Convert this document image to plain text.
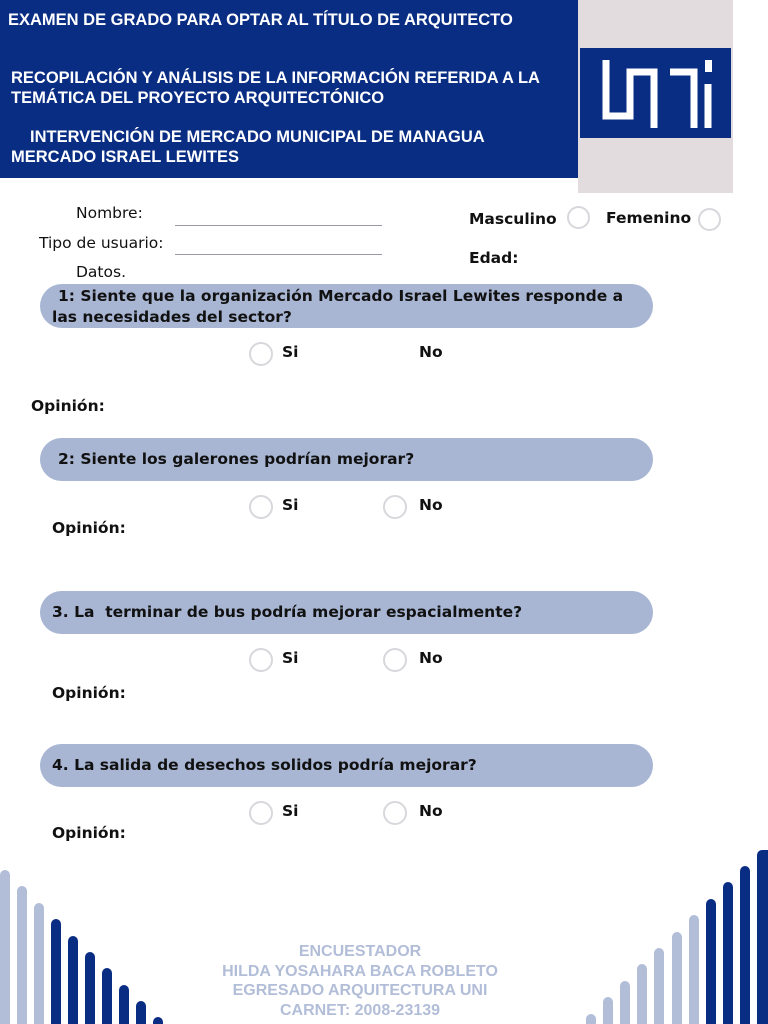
EXAMEN DE GRADO PARA OPTAR AL TÍTULO DE ARQUITECTO
RECOPILACIÓN Y ANÁLISIS DE LA INFORMACIÓN REFERIDA A LA
TEMÁTICA DEL PROYECTO ARQUITECTÓNICO
INTERVENCIÓN DE MERCADO MUNICIPAL DE MANAGUA
MERCADO ISRAEL LEWITES
Nombre:
Tipo de usuario:
Datos.
Masculino	Femenino
Edad:
1: Siente que la organización Mercado Israel Lewites responde a
las necesidades del sector?
Si	No
Opinión:
2: Siente los galerones podrían mejorar?
Si	No
Opinión:
3. La  terminar de bus podría mejorar espacialmente?
Si	No
Opinión:
4. La salida de desechos solidos podría mejorar?
Si	No
Opinión:
ENCUESTADOR
HILDA YOSAHARA BACA ROBLETO
EGRESADO ARQUITECTURA UNI
CARNET: 2008-23139
